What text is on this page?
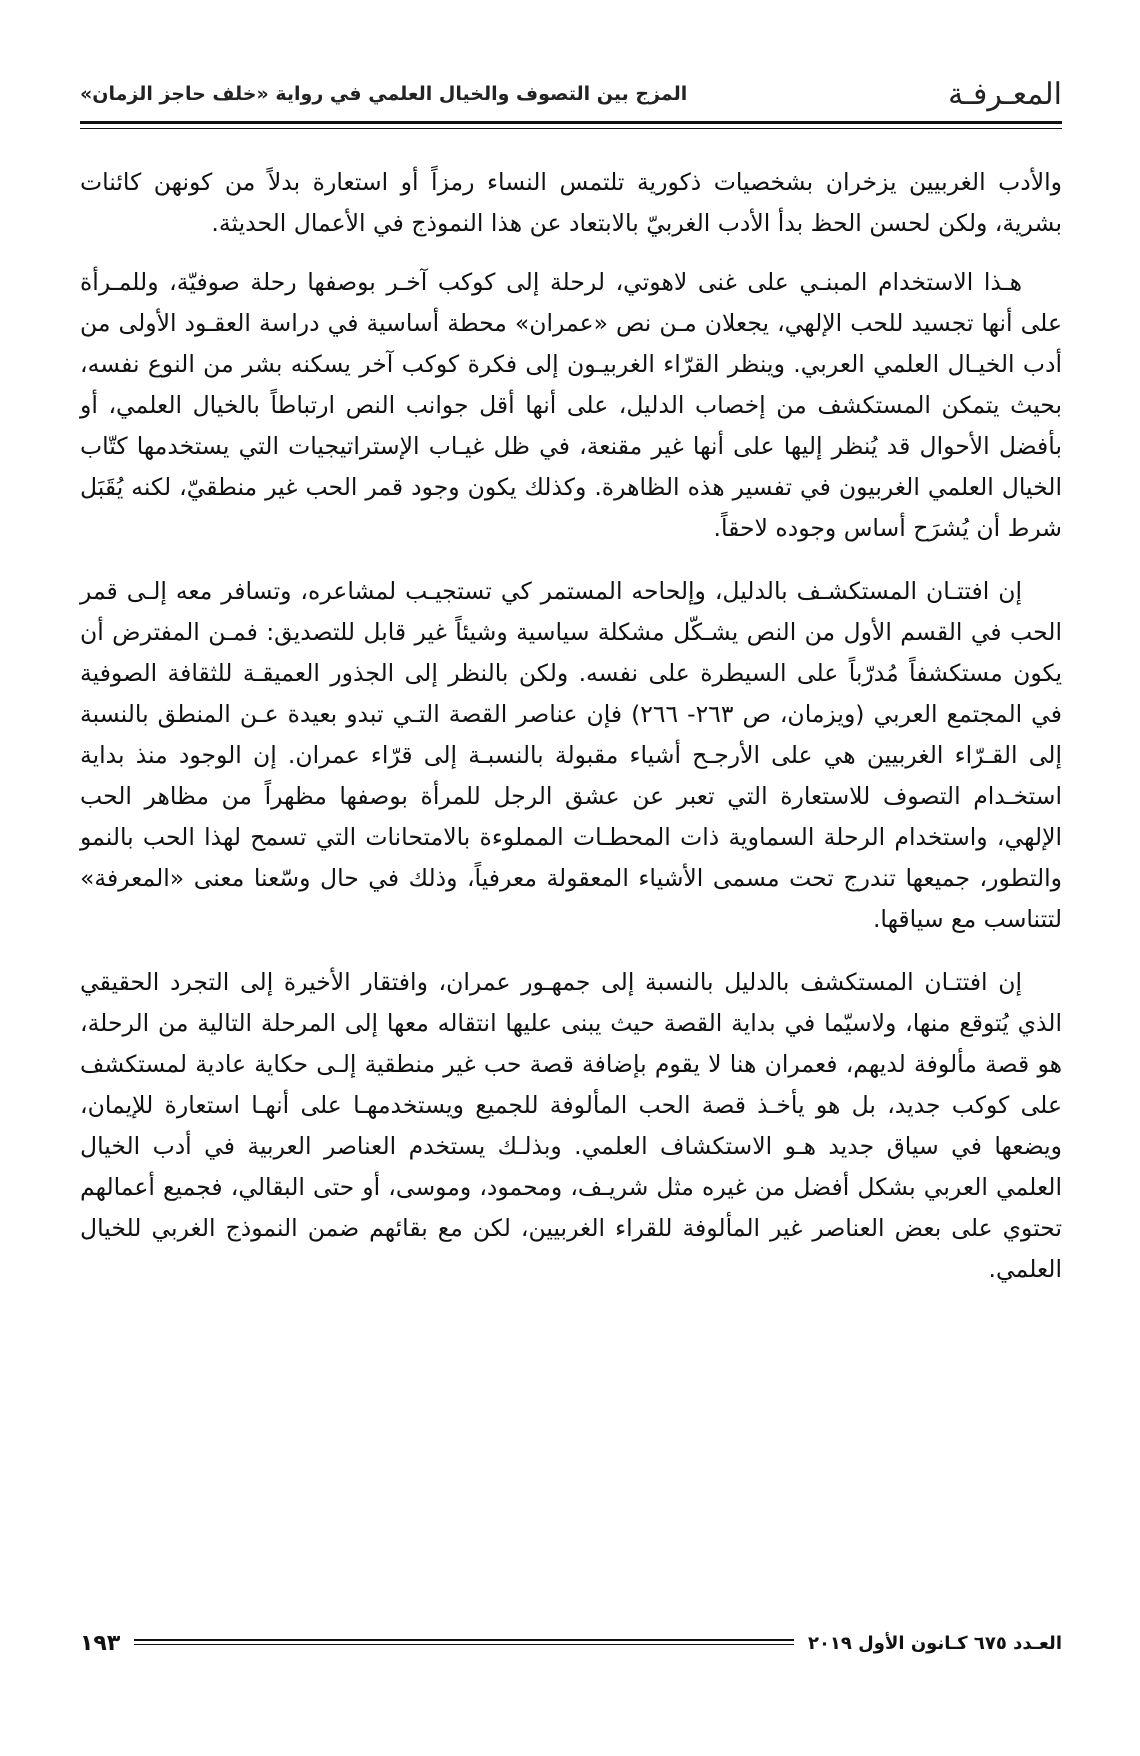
المعـرفـة
المزج بين التصوف والخيال العلمي في رواية «خلف حاجز الزمان»

والأدب الغربيين يزخران بشخصيات ذكورية تلتمس النساء رمزاً أو استعارة بدلاً من كونهن كائنات بشرية، ولكن لحسن الحظ بدأ الأدب الغربيّ بالابتعاد عن هذا النموذج في الأعمال الحديثة.

هـذا الاستخدام المبنـي على غنى لاهوتي، لرحلة إلى كوكب آخـر بوصفها رحلة صوفيّة، وللمـرأة على أنها تجسيد للحب الإلهي، يجعلان مـن نص «عمران» محطة أساسية في دراسة العقـود الأولى من أدب الخيـال العلمي العربي. وينظر القرّاء الغربيـون إلى فكرة كوكب آخر يسكنه بشر من النوع نفسه، بحيث يتمكن المستكشف من إخصاب الدليل، على أنها أقل جوانب النص ارتباطاً بالخيال العلمي، أو بأفضل الأحوال قد يُنظر إليها على أنها غير مقنعة، في ظل غيـاب الإستراتيجيات التي يستخدمها كتّاب الخيال العلمي الغربيون في تفسير هذه الظاهرة. وكذلك يكون وجود قمر الحب غير منطقيّ، لكنه يُقَبَل شرط أن يُشرَح أساس وجوده لاحقاً.

إن افتتـان المستكشـف بالدليل، وإلحاحه المستمر كي تستجيـب لمشاعره، وتسافر معه إلـى قمر الحب في القسم الأول من النص يشـكّل مشكلة سياسية وشيئاً غير قابل للتصديق: فمـن المفترض أن يكون مستكشفاً مُدرّباً على السيطرة على نفسه. ولكن بالنظر إلى الجذور العميقـة للثقافة الصوفية في المجتمع العربي (ويزمان، ص ٢٦٣- ٢٦٦) فإن عناصر القصة التـي تبدو بعيدة عـن المنطق بالنسبة إلى القـرّاء الغربيين هي على الأرجـح أشياء مقبولة بالنسبـة إلى قرّاء عمران. إن الوجود منذ بداية استخـدام التصوف للاستعارة التي تعبر عن عشق الرجل للمرأة بوصفها مظهراً من مظاهر الحب الإلهي، واستخدام الرحلة السماوية ذات المحطـات المملوءة بالامتحانات التي تسمح لهذا الحب بالنمو والتطور، جميعها تندرج تحت مسمى الأشياء المعقولة معرفياً، وذلك في حال وسّعنا معنى «المعرفة» لتتناسب مع سياقها.

إن افتتـان المستكشف بالدليل بالنسبة إلى جمهـور عمران، وافتقار الأخيرة إلى التجرد الحقيقي الذي يُتوقع منها، ولاسيّما في بداية القصة حيث يبنى عليها انتقاله معها إلى المرحلة التالية من الرحلة، هو قصة مألوفة لديهم، فعمران هنا لا يقوم بإضافة قصة حب غير منطقية إلـى حكاية عادية لمستكشف على كوكب جديد، بل هو يأخـذ قصة الحب المألوفة للجميع ويستخدمهـا على أنهـا استعارة للإيمان، ويضعها في سياق جديد هـو الاستكشاف العلمي. وبذلـك يستخدم العناصر العربية في أدب الخيال العلمي العربي بشكل أفضل من غيره مثل شريـف، ومحمود، وموسى، أو حتى البقالي، فجميع أعمالهم تحتوي على بعض العناصر غير المألوفة للقراء الغربيين، لكن مع بقائهم ضمن النموذج الغربي للخيال العلمي.

العـدد ٦٧٥ كـانون الأول ٢٠١٩
١٩٣
